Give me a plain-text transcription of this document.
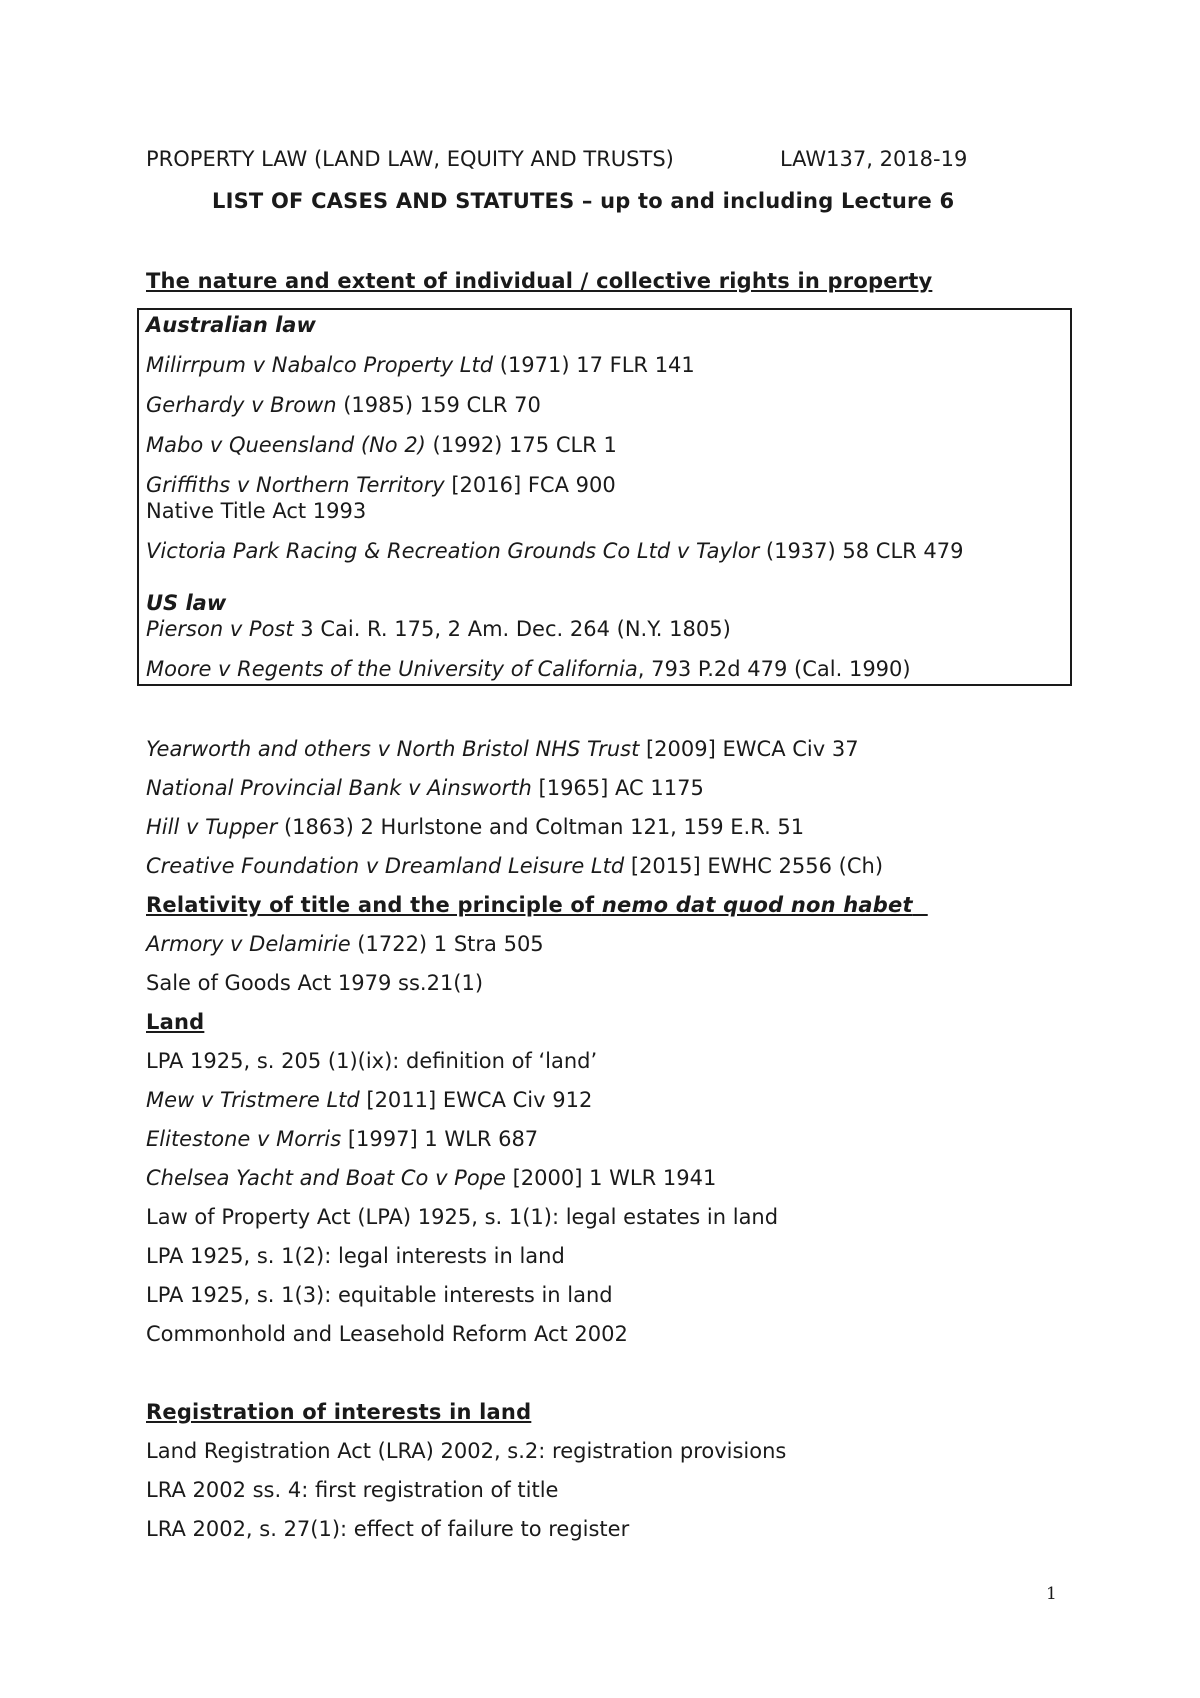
PROPERTY LAW (LAND LAW, EQUITY AND TRUSTS)	LAW137, 2018-19
LIST OF CASES AND STATUTES – up to and including Lecture 6
The nature and extent of individual / collective rights in property
Australian law
Milirrpum v Nabalco Property Ltd (1971) 17 FLR 141
Gerhardy v Brown (1985) 159 CLR 70
Mabo v Queensland (No 2) (1992) 175 CLR 1
Griffiths v Northern Territory [2016] FCA 900
Native Title Act 1993
Victoria Park Racing & Recreation Grounds Co Ltd v Taylor (1937) 58 CLR 479
US law
Pierson v Post 3 Cai. R. 175, 2 Am. Dec. 264 (N.Y. 1805)
Moore v Regents of the University of California, 793 P.2d 479 (Cal. 1990)
Yearworth and others v North Bristol NHS Trust [2009] EWCA Civ 37
National Provincial Bank v Ainsworth [1965] AC 1175
Hill v Tupper (1863) 2 Hurlstone and Coltman 121, 159 E.R. 51
Creative Foundation v Dreamland Leisure Ltd [2015] EWHC 2556 (Ch)
Relativity of title and the principle of nemo dat quod non habet
Armory v Delamirie (1722) 1 Stra 505
Sale of Goods Act 1979 ss.21(1)
Land
LPA 1925, s. 205 (1)(ix): definition of ‘land’
Mew v Tristmere Ltd [2011] EWCA Civ 912
Elitestone v Morris [1997] 1 WLR 687
Chelsea Yacht and Boat Co v Pope [2000] 1 WLR 1941
Law of Property Act (LPA) 1925, s. 1(1): legal estates in land
LPA 1925, s. 1(2): legal interests in land
LPA 1925, s. 1(3): equitable interests in land
Commonhold and Leasehold Reform Act 2002
Registration of interests in land
Land Registration Act (LRA) 2002, s.2: registration provisions
LRA 2002 ss. 4: first registration of title
LRA 2002, s. 27(1): effect of failure to register
1
